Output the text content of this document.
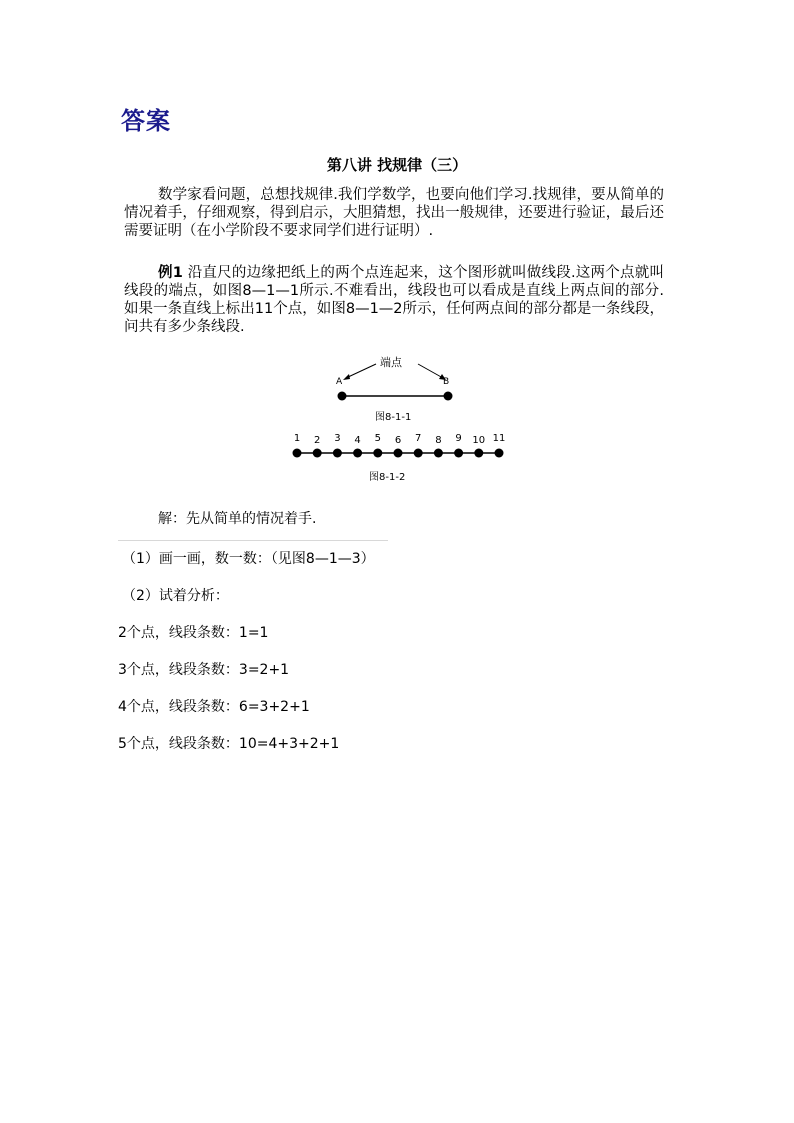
答案
第八讲 找规律（三）

数学家看问题，总想找规律.我们学数学，也要向他们学习.找规律，要从简单的情况着手，仔细观察，得到启示，大胆猜想，找出一般规律，还要进行验证，最后还需要证明（在小学阶段不要求同学们进行证明）.

例1 沿直尺的边缘把纸上的两个点连起来，这个图形就叫做线段.这两个点就叫线段的端点，如图8—1—1所示.不难看出，线段也可以看成是直线上两点间的部分.如果一条直线上标出11个点，如图8—1—2所示，任何两点间的部分都是一条线段，问共有多少条线段.

端点
A	B
图8-1-1
图8-1-2
1 2 3 4 5 6 7 8 9 10 11

解：先从简单的情况着手.

（1）画一画，数一数：（见图8—1—3）

（2）试着分析：

2个点，线段条数：1=1

3个点，线段条数：3=2+1

4个点，线段条数：6=3+2+1

5个点，线段条数：10=4+3+2+1
